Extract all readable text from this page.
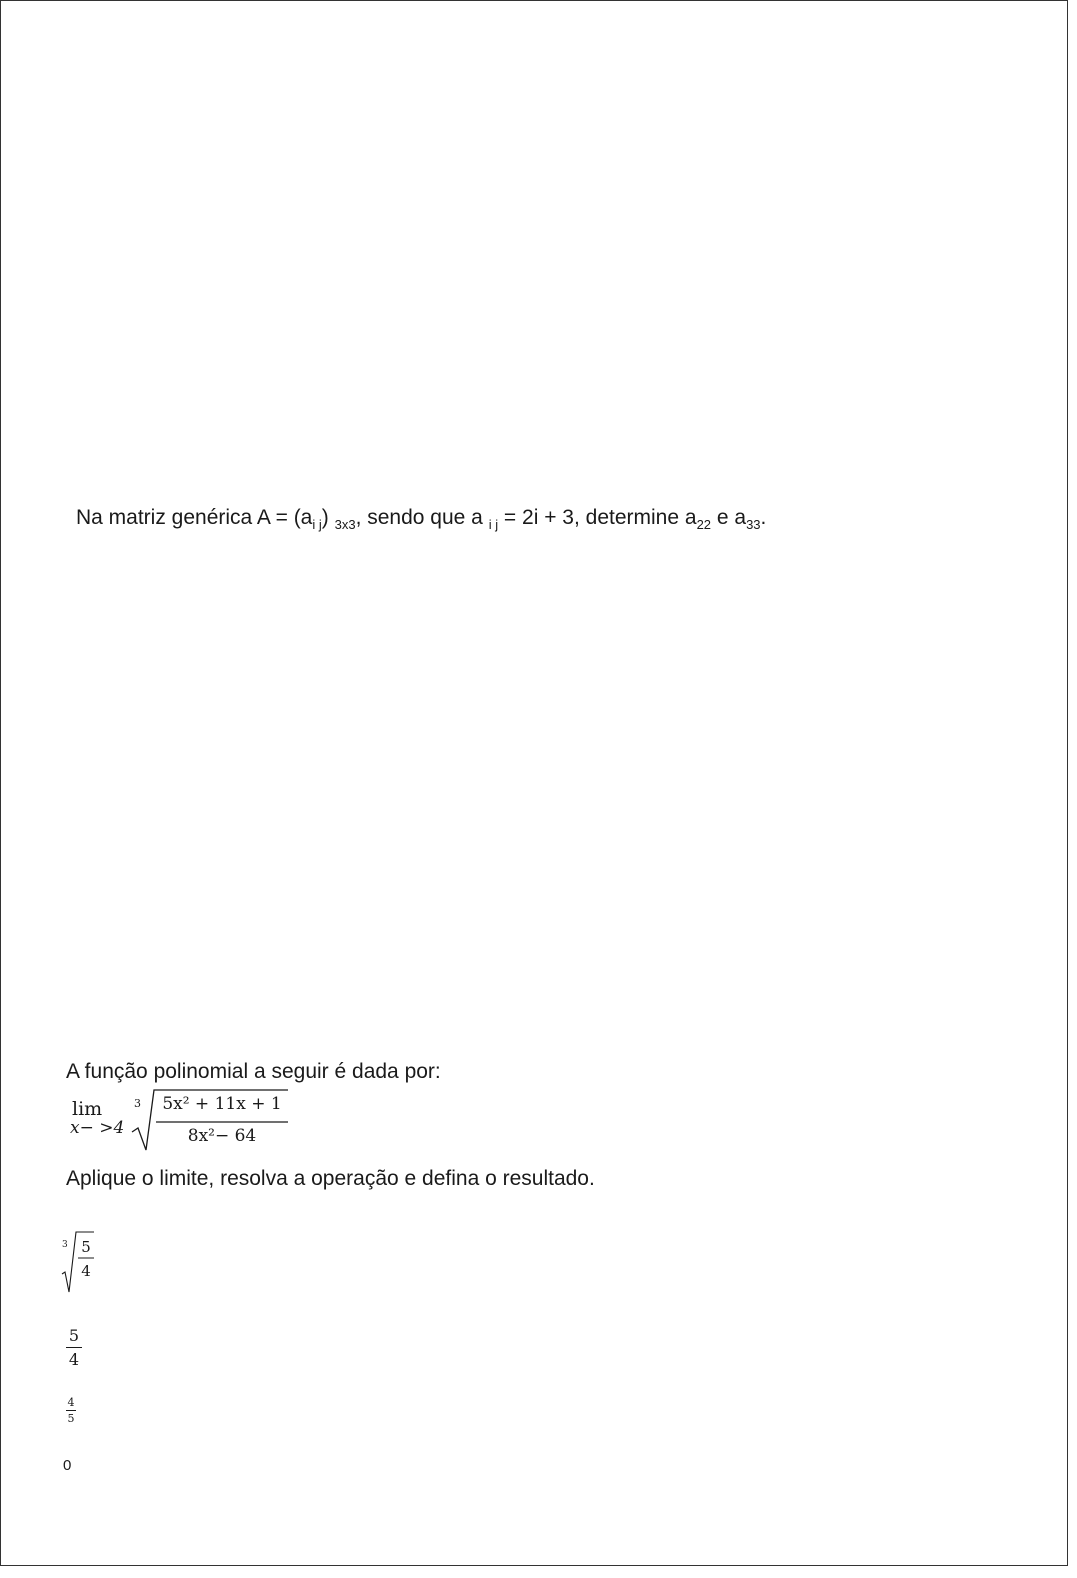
Na matriz genérica $A = (a_{i j})$ $_{3x3}$, sendo que a $_{i j}$ = 2i + 3, determine $a_{22}$ e $a_{33}$.
A função polinomial a seguir é dada por:
lim
x− >4
3	5x² + 11x + 1
8x²− 64
Aplique o limite, resolva a operação e defina o resultado.
3 5
4
5
4
4
5
0
